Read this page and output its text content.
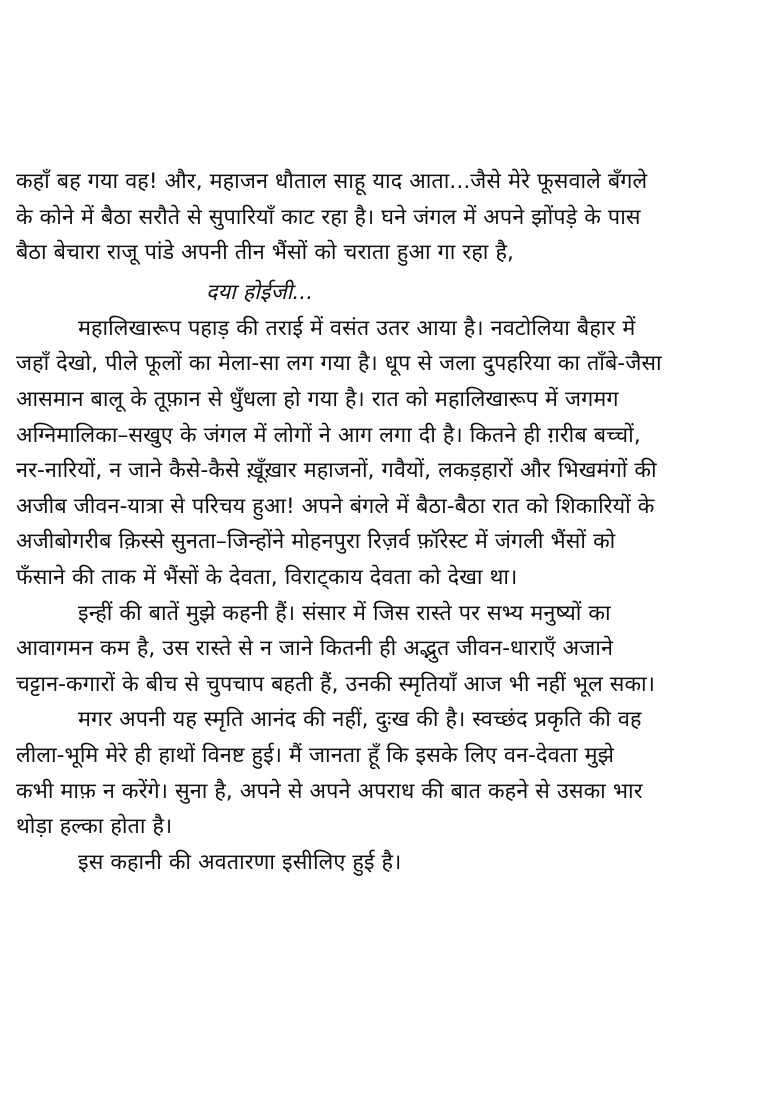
कहाँ बह गया वह! और, महाजन धौताल साहू याद आता...जैसे मेरे फूसवाले बँगले
के कोने में बैठा सरौते से सुपारियाँ काट रहा है। घने जंगल में अपने झोंपड़े के पास
बैठा बेचारा राजू पांडे अपनी तीन भैंसों को चराता हुआ गा रहा है,
दया होईजी...
महालिखारूप पहाड़ की तराई में वसंत उतर आया है। नवटोलिया बैहार में
जहाँ देखो, पीले फूलों का मेला-सा लग गया है। धूप से जला दुपहरिया का ताँबे-जैसा
आसमान बालू के तूफ़ान से धुँधला हो गया है। रात को महालिखारूप में जगमग
अग्निमालिका–सखुए के जंगल में लोगों ने आग लगा दी है। कितने ही ग़रीब बच्चों,
नर-नारियों, न जाने कैसे-कैसे ख़ूँख़ार महाजनों, गवैयों, लकड़हारों और भिखमंगों की
अजीब जीवन-यात्रा से परिचय हुआ! अपने बंगले में बैठा-बैठा रात को शिकारियों के
अजीबोगरीब क़िस्से सुनता–जिन्होंने मोहनपुरा रिज़र्व फ़ॉरेस्ट में जंगली भैंसों को
फँसाने की ताक में भैंसों के देवता, विराट्काय देवता को देखा था।
इन्हीं की बातें मुझे कहनी हैं। संसार में जिस रास्ते पर सभ्य मनुष्यों का
आवागमन कम है, उस रास्ते से न जाने कितनी ही अद्भुत जीवन-धाराएँ अजाने
चट्टान-कगारों के बीच से चुपचाप बहती हैं, उनकी स्मृतियाँ आज भी नहीं भूल सका।
मगर अपनी यह स्मृति आनंद की नहीं, दुःख की है। स्वच्छंद प्रकृति की वह
लीला-भूमि मेरे ही हाथों विनष्ट हुई। मैं जानता हूँ कि इसके लिए वन-देवता मुझे
कभी माफ़ न करेंगे। सुना है, अपने से अपने अपराध की बात कहने से उसका भार
थोड़ा हल्का होता है।
इस कहानी की अवतारणा इसीलिए हुई है।
